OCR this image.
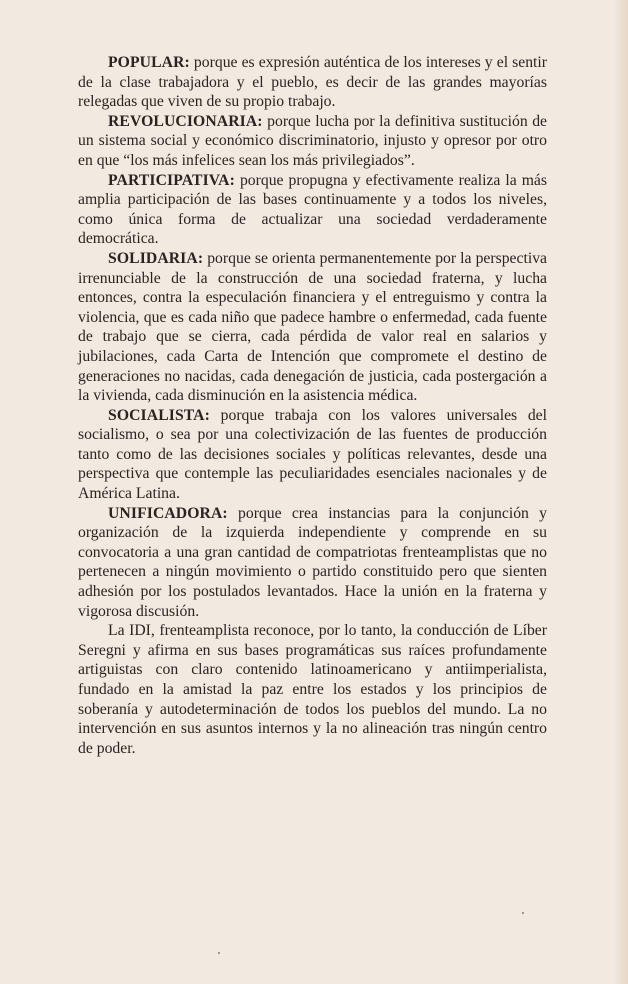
POPULAR: porque es expresión auténtica de los intereses y el sentir de la clase trabajadora y el pueblo, es decir de las grandes mayorías relegadas que viven de su propio trabajo.

REVOLUCIONARIA: porque lucha por la definitiva sustitución de un sistema social y económico discriminatorio, injusto y opresor por otro en que “los más infelices sean los más privilegiados”.

PARTICIPATIVA: porque propugna y efectivamente realiza la más amplia participación de las bases continuamente y a todos los niveles, como única forma de actualizar una sociedad verdaderamente democrática.

SOLIDARIA: porque se orienta permanentemente por la perspectiva irrenunciable de la construcción de una sociedad fraterna, y lucha entonces, contra la especulación financiera y el entreguismo y contra la violencia, que es cada niño que padece hambre o enfermedad, cada fuente de trabajo que se cierra, cada pérdida de valor real en salarios y jubilaciones, cada Carta de Intención que compromete el destino de generaciones no nacidas, cada denegación de justicia, cada postergación a la vivienda, cada disminución en la asistencia médica.

SOCIALISTA: porque trabaja con los valores universales del socialismo, o sea por una colectivización de las fuentes de producción tanto como de las decisiones sociales y políticas relevantes, desde una perspectiva que contemple las peculiaridades esenciales nacionales y de América Latina.

UNIFICADORA: porque crea instancias para la conjunción y organización de la izquierda independiente y comprende en su convocatoria a una gran cantidad de compatriotas frenteamplistas que no pertenecen a ningún movimiento o partido constituido pero que sienten adhesión por los postulados levantados. Hace la unión en la fraterna y vigorosa discusión.

La IDI, frenteamplista reconoce, por lo tanto, la conducción de Líber Seregni y afirma en sus bases programáticas sus raíces profundamente artiguistas con claro contenido latinoamericano y antiimperialista, fundado en la amistad la paz entre los estados y los principios de soberanía y autodeterminación de todos los pueblos del mundo. La no intervención en sus asuntos internos y la no alineación tras ningún centro de poder.
